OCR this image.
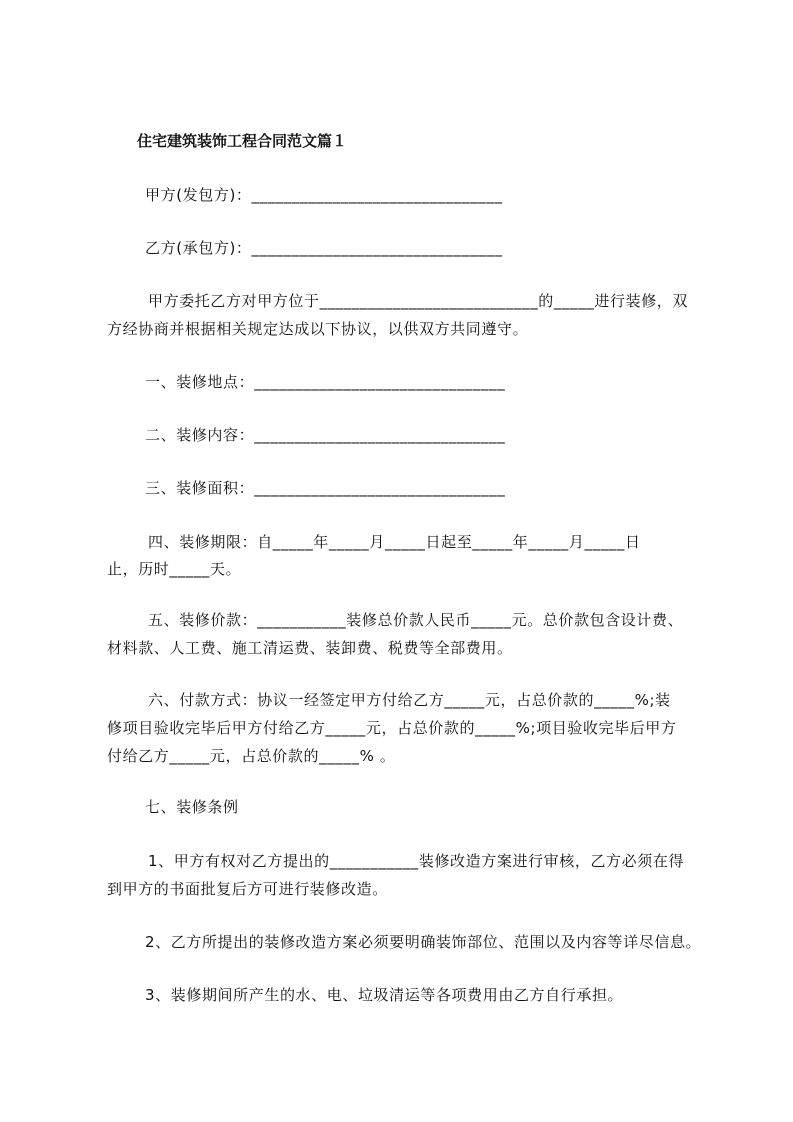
住宅建筑装饰工程合同范文篇１
甲方(发包方)：_______________________________
乙方(承包方)：_______________________________
甲方委托乙方对甲方位于___________________________的_____进行装修，双
方经协商并根据相关规定达成以下协议，以供双方共同遵守。
一、装修地点：_______________________________
二、装修内容：_______________________________
三、装修面积：_______________________________
四、装修期限：自_____年_____月_____日起至_____年_____月_____日
止，历时_____天。
五、装修价款：___________装修总价款人民币_____元。总价款包含设计费、
材料款、人工费、施工清运费、装卸费、税费等全部费用。
六、付款方式：协议一经签定甲方付给乙方_____元，占总价款的_____%;装
修项目验收完毕后甲方付给乙方_____元，占总价款的_____%;项目验收完毕后甲方
付给乙方_____元，占总价款的_____% 。
七、装修条例
1、甲方有权对乙方提出的___________装修改造方案进行审核，乙方必须在得
到甲方的书面批复后方可进行装修改造。
2、乙方所提出的装修改造方案必须要明确装饰部位、范围以及内容等详尽信息。
3、装修期间所产生的水、电、垃圾清运等各项费用由乙方自行承担。
